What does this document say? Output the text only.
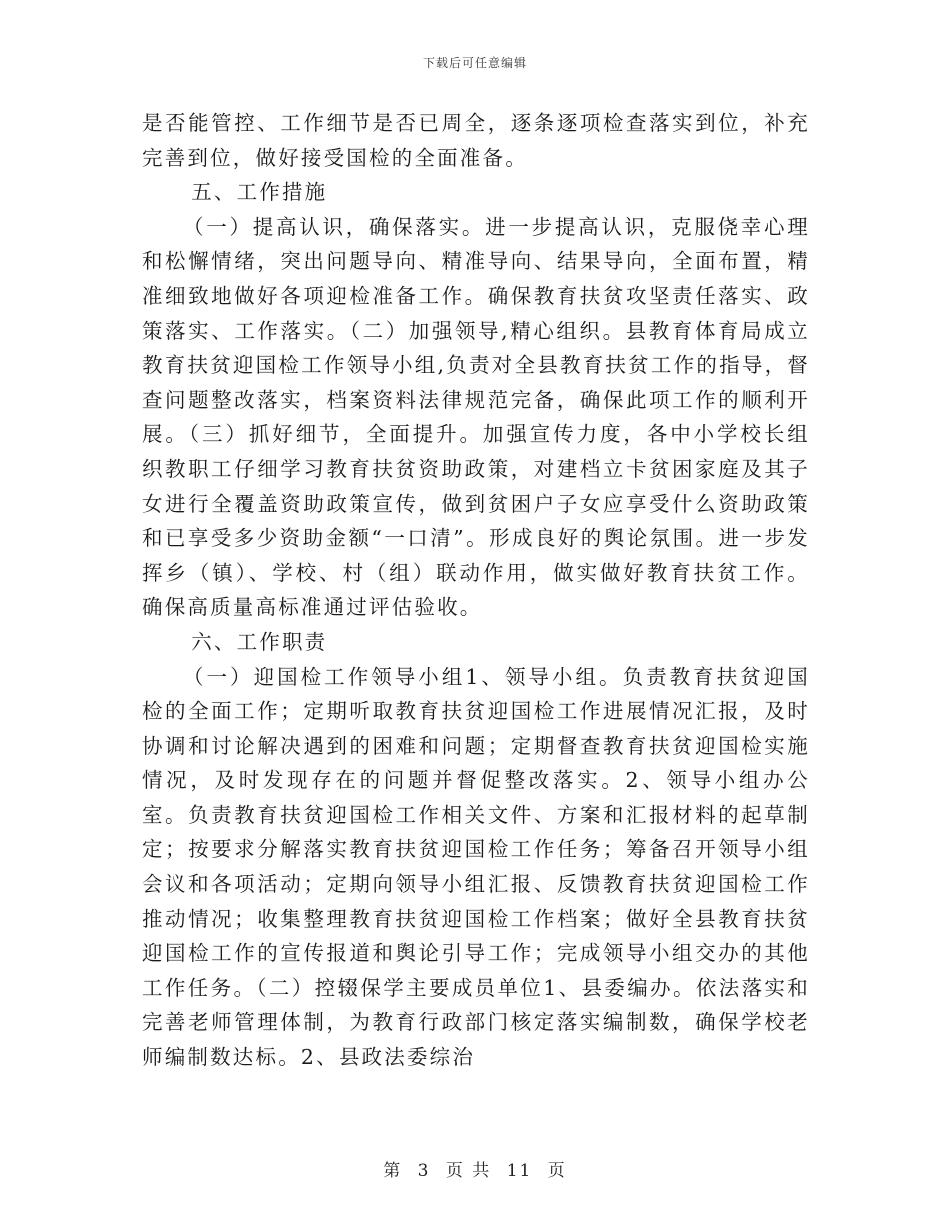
下载后可任意编辑

是否能管控、工作细节是否已周全，逐条逐项检查落实到位，补充完善到位，做好接受国检的全面准备。

五、工作措施

（一）提高认识，确保落实。进一步提高认识，克服侥幸心理和松懈情绪，突出问题导向、精准导向、结果导向，全面布置，精准细致地做好各项迎检准备工作。确保教育扶贫攻坚责任落实、政策落实、工作落实。（二）加强领导,精心组织。县教育体育局成立教育扶贫迎国检工作领导小组,负责对全县教育扶贫工作的指导，督查问题整改落实，档案资料法律规范完备，确保此项工作的顺利开展。（三）抓好细节，全面提升。加强宣传力度，各中小学校长组织教职工仔细学习教育扶贫资助政策，对建档立卡贫困家庭及其子女进行全覆盖资助政策宣传，做到贫困户子女应享受什么资助政策和已享受多少资助金额“一口清”。形成良好的舆论氛围。进一步发挥乡（镇）、学校、村（组）联动作用，做实做好教育扶贫工作。确保高质量高标准通过评估验收。

六、工作职责

（一）迎国检工作领导小组1、领导小组。负责教育扶贫迎国检的全面工作；定期听取教育扶贫迎国检工作进展情况汇报，及时协调和讨论解决遇到的困难和问题；定期督查教育扶贫迎国检实施情况，及时发现存在的问题并督促整改落实。2、领导小组办公室。负责教育扶贫迎国检工作相关文件、方案和汇报材料的起草制定；按要求分解落实教育扶贫迎国检工作任务；筹备召开领导小组会议和各项活动；定期向领导小组汇报、反馈教育扶贫迎国检工作推动情况；收集整理教育扶贫迎国检工作档案；做好全县教育扶贫迎国检工作的宣传报道和舆论引导工作；完成领导小组交办的其他工作任务。（二）控辍保学主要成员单位1、县委编办。依法落实和完善老师管理体制，为教育行政部门核定落实编制数，确保学校老师编制数达标。2、县政法委综治

第 3 页 共 11 页
